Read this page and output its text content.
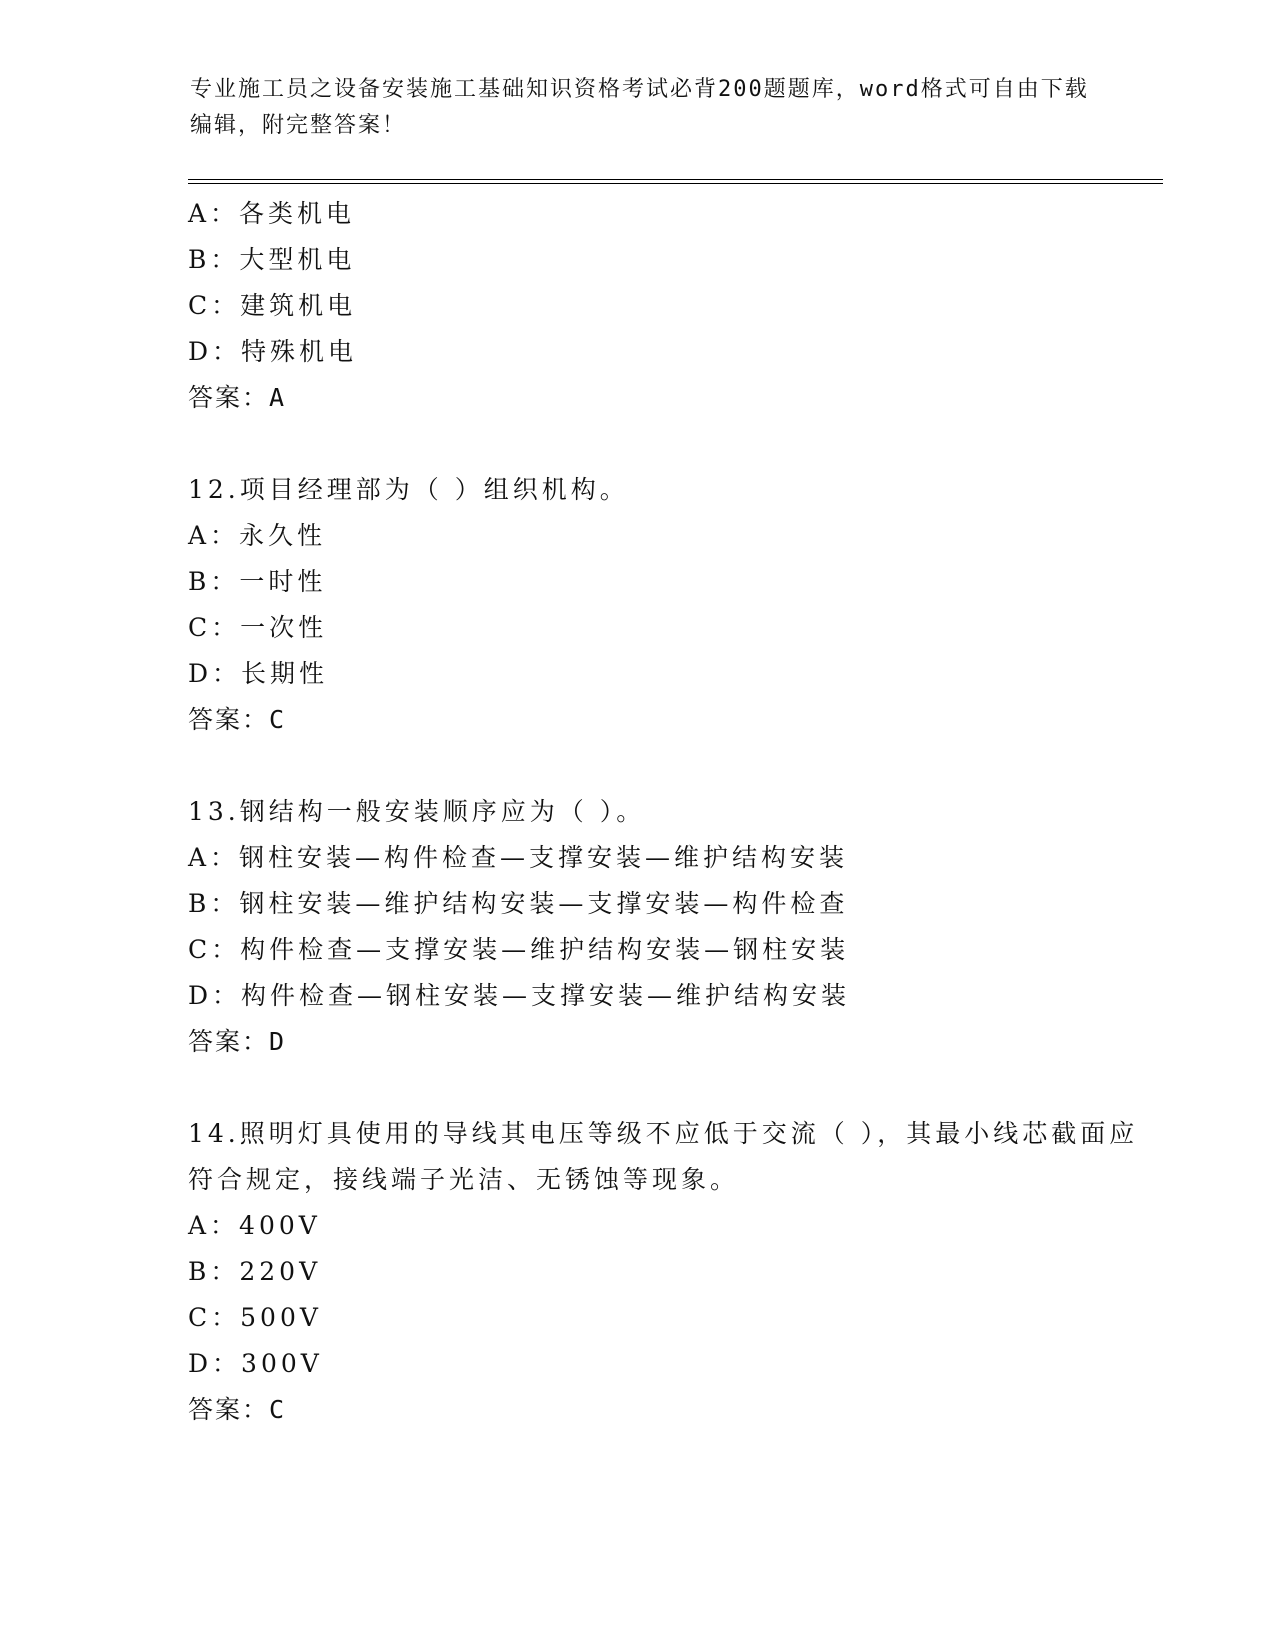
专业施工员之设备安装施工基础知识资格考试必背200题题库，word格式可自由下载编辑，附完整答案！
A：各类机电
B：大型机电
C：建筑机电
D：特殊机电
答案：A
12.项目经理部为（ ）组织机构。
A：永久性
B：一时性
C：一次性
D：长期性
答案：C
13.钢结构一般安装顺序应为（ ）。
A：钢柱安装—构件检查—支撑安装—维护结构安装
B：钢柱安装—维护结构安装—支撑安装—构件检查
C：构件检查—支撑安装—维护结构安装—钢柱安装
D：构件检查—钢柱安装—支撑安装—维护结构安装
答案：D
14.照明灯具使用的导线其电压等级不应低于交流（ ），其最小线芯截面应符合规定，接线端子光洁、无锈蚀等现象。
A：400V
B：220V
C：500V
D：300V
答案：C
